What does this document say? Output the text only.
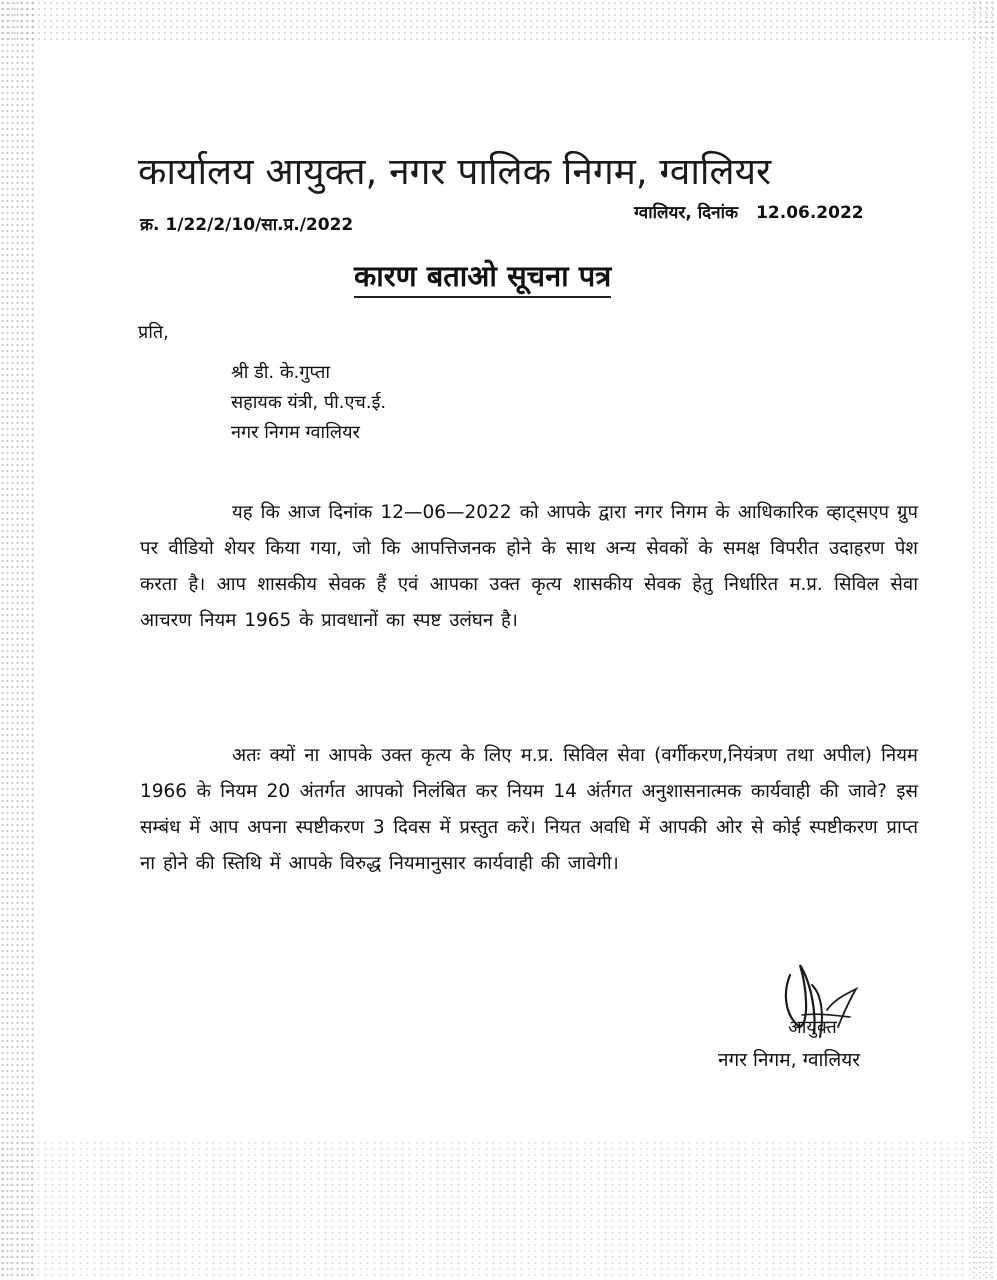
कार्यालय आयुक्त, नगर पालिक निगम, ग्वालियर
क्र. 1/22/2/10/सा.प्र./2022
ग्वालियर, दिनांक 12.06.2022
कारण बताओ सूचना पत्र
प्रति,
श्री डी. के.गुप्ता
सहायक यंत्री, पी.एच.ई.
नगर निगम ग्वालियर
यह कि आज दिनांक 12—06—2022 को आपके द्वारा नगर निगम के आधिकारिक व्हाट्सएप ग्रुप पर वीडियो शेयर किया गया, जो कि आपत्तिजनक होने के साथ अन्य सेवकों के समक्ष विपरीत उदाहरण पेश करता है। आप शासकीय सेवक हैं एवं आपका उक्त कृत्य शासकीय सेवक हेतु निर्धारित म.प्र. सिविल सेवा आचरण नियम 1965 के प्रावधानों का स्पष्ट उलंघन है।
अतः क्यों ना आपके उक्त कृत्य के लिए म.प्र. सिविल सेवा (वर्गीकरण,नियंत्रण तथा अपील) नियम 1966 के नियम 20 अंतर्गत आपको निलंबित कर नियम 14 अंर्तगत अनुशासनात्मक कार्यवाही की जावे? इस सम्बंध में आप अपना स्पष्टीकरण 3 दिवस में प्रस्तुत करें। नियत अवधि में आपकी ओर से कोई स्पष्टीकरण प्राप्त ना होने की स्तिथि में आपके विरुद्ध नियमानुसार कार्यवाही की जावेगी।
आयुक्त
नगर निगम, ग्वालियर
